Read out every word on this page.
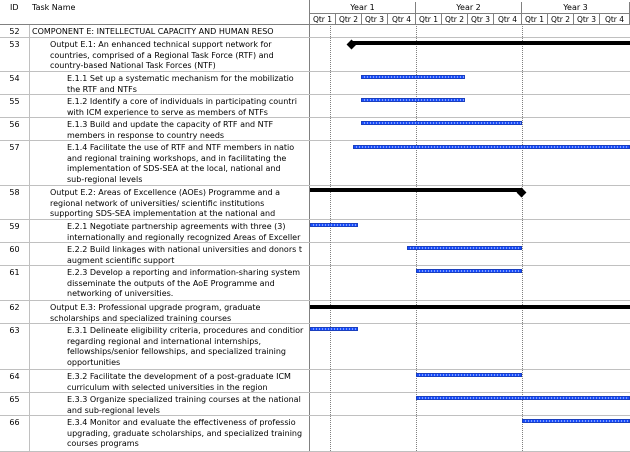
ID Task Name	Year 1	Year 2	Year 3
Qtr 1 Qtr 2 Qtr 3	Qtr 4	Qtr 1 Qtr 2 Qtr 3	Qtr 4	Qtr 1 Qtr 2 Qtr 3	Qtr 4
52	COMPONENT E: INTELLECTUAL CAPACITY AND HUMAN RESO
53	Output E.1: An enhanced technical support network for
countries, comprised of a Regional Task Force (RTF) and
country-based National Task Forces (NTF)
54	E.1.1 Set up a systematic mechanism for the mobilizatio
the RTF and NTFs
55	E.1.2 Identify a core of individuals in participating countri
with ICM experience to serve as members of NTFs
56	E.1.3 Build and update the capacity of RTF and NTF
members in response to country needs
57	E.1.4 Facilitate the use of RTF and NTF members in natio
and regional training workshops, and in facilitating the
implementation of SDS-SEA at the local, national and
sub-regional levels
58	Output E.2: Areas of Excellence (AOEs) Programme and a
regional network of universities/ scientific institutions
supporting SDS-SEA implementation at the national and
59	E.2.1 Negotiate partnership agreements with three (3)
internationally and regionally recognized Areas of Exceller
60	E.2.2 Build linkages with national universities and donors t
augment scientific support
61	E.2.3 Develop a reporting and information-sharing system
disseminate the outputs of the AoE Programme and
networking of universities.
62	Output E.3: Professional upgrade program, graduate
scholarships and specialized training courses
63	E.3.1 Delineate eligibility criteria, procedures and conditior
regarding regional and international internships,
fellowships/senior fellowships, and specialized training
opportunities
64	E.3.2 Facilitate the development of a post-graduate ICM
curriculum with selected universities in the region
65	E.3.3 Organize specialized training courses at the national
and sub-regional levels
66	E.3.4 Monitor and evaluate the effectiveness of professio
upgrading, graduate scholarships, and specialized training
courses programs
